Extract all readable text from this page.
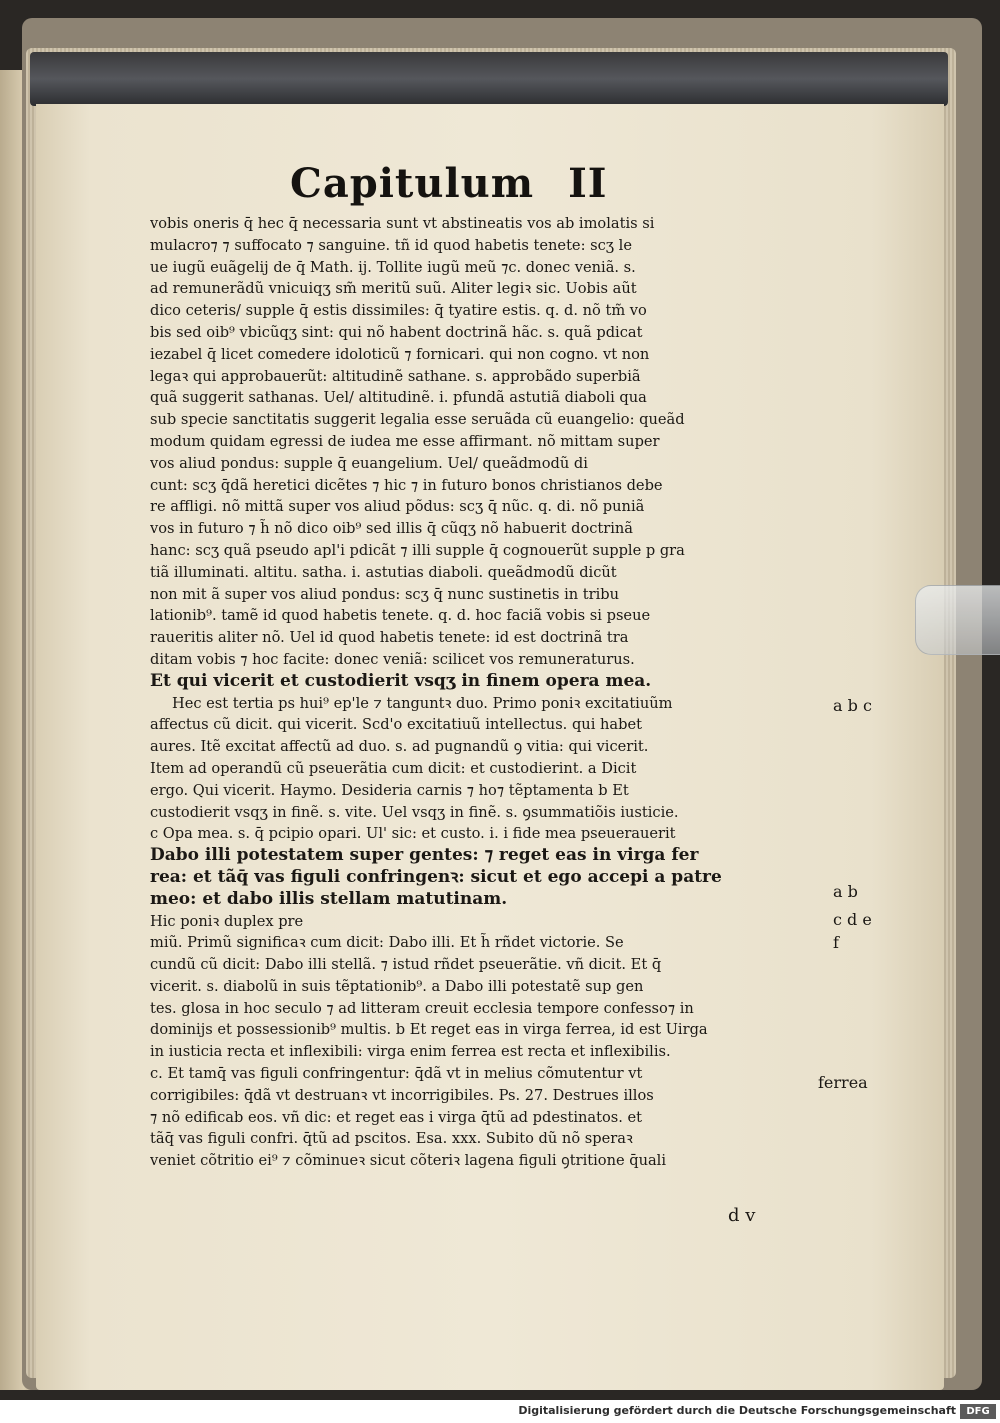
Capitulum II
vobis oneris q̄ hec q̄ necessaria sunt vt abstineatis vos ab imolatis si
mulacro⁊ ⁊ suffocato ⁊ sanguine. tñ id quod habetis tenete: scʒ le
ue iugũ euãgelij de q̄ Math. ij. Tollite iugũ meũ ⁊c. donec veniã. s.
ad remunerãdũ vnicuiqʒ sm̃ meritũ suũ. Aliter legiꝛ sic. Uobis aũt
dico ceteris/ supple q̄ estis dissimiles: q̄ tyatire estis. q. d. nõ tm̃ vo
bis sed oib⁹ vbicũqʒ sint: qui nõ habent doctrinã hãc. s. quã pdicat
iezabel q̄ licet comedere idoloticũ ⁊ fornicari. qui non cogno. vt non
legaꝛ qui approbauerũt: altitudinẽ sathane. s. approbãdo superbiã
quã suggerit sathanas. Uel/ altitudinẽ. i. pfundã astutiã diaboli qua
sub specie sanctitatis suggerit legalia esse seruãda cũ euangelio: queãd
modum quidam egressi de iudea me esse affirmant. nõ mittam super
vos aliud pondus: supple q̄ euangelium. Uel/ queãdmodũ di
cunt: scʒ q̄dã heretici dicẽtes ⁊ hic ⁊ in futuro bonos christianos debe
re affligi. nõ mittã super vos aliud põdus: scʒ q̄ nũc. q. di. nõ puniã
vos in futuro ⁊ h̃ nõ dico oib⁹ sed illis q̄ cũqʒ nõ habuerit doctrinã
hanc: scʒ quã pseudo apl'i pdicãt ⁊ illi supple q̄ cognouerũt supple p gra
tiã illuminati. altitu. satha. i. astutias diaboli. queãdmodũ dicũt
non mit ã super vos aliud pondus: scʒ q̄ nunc sustinetis in tribu
lationib⁹. tamẽ id quod habetis tenete. q. d. hoc faciã vobis si pseue
raueritis aliter nõ. Uel id quod habetis tenete: id est doctrinã tra
ditam vobis ⁊ hoc facite: donec veniã: scilicet vos remuneraturus.
Et qui vicerit et custodierit vsqʒ in finem opera mea.
Hec est tertia ps hui⁹ ep'le ⁊ tanguntꝛ duo. Primo poniꝛ excitatiuũm
affectus cũ dicit. qui vicerit. Scd'o excitatiuũ intellectus. qui habet
aures. Itẽ excitat affectũ ad duo. s. ad pugnandũ ꝯ vitia: qui vicerit.
Item ad operandũ cũ pseuerãtia cum dicit: et custodierint. a Dicit
ergo. Qui vicerit. Haymo. Desideria carnis ⁊ ho⁊ tẽptamenta b Et
custodierit vsqʒ in finẽ. s. vite. Uel vsqʒ in finẽ. s. ꝯsummatiõis iusticie.
c Opa mea. s. q̄ pcipio opari. Ul' sic: et custo. i. i fide mea pseuerauerit
Dabo illi potestatem super gentes: ⁊ reget eas in virga fer
rea: et tãq̄ vas figuli confringenꝛ: sicut et ego accepi a patre
meo: et dabo illis stellam matutinam.
Hic poniꝛ duplex pre
miũ. Primũ significaꝛ cum dicit: Dabo illi. Et h̃ rñdet victorie. Se
cundũ cũ dicit: Dabo illi stellã. ⁊ istud rñdet pseuerãtie. vñ dicit. Et q̄
vicerit. s. diabolũ in suis tẽptationib⁹. a Dabo illi potestatẽ sup gen
tes. glosa in hoc seculo ⁊ ad litteram creuit ecclesia tempore confesso⁊ in
dominijs et possessionib⁹ multis. b Et reget eas in virga ferrea, id est Uirga
in iusticia recta et inflexibili: virga enim ferrea est recta et inflexibilis.
c. Et tamq̄ vas figuli confringentur: q̄dã vt in melius cõmutentur vt
corrigibiles: q̄dã vt destruanꝛ vt incorrigibiles. Ps. 27. Destrues illos
⁊ nõ edificab eos. vñ dic: et reget eas i virga q̄tũ ad pdestinatos. et
tãq̄ vas figuli confri. q̄tũ ad pscitos. Esa. xxx. Subito dũ nõ speraꝛ
veniet cõtritio ei⁹ ⁊ cõminueꝛ sicut cõteriꝛ lagena figuli ꝯtritione q̄uali
a b c
a b
c d e
f
ferrea
d v
Digitalisierung gefördert durch die Deutsche Forschungsgemeinschaft	DFG
